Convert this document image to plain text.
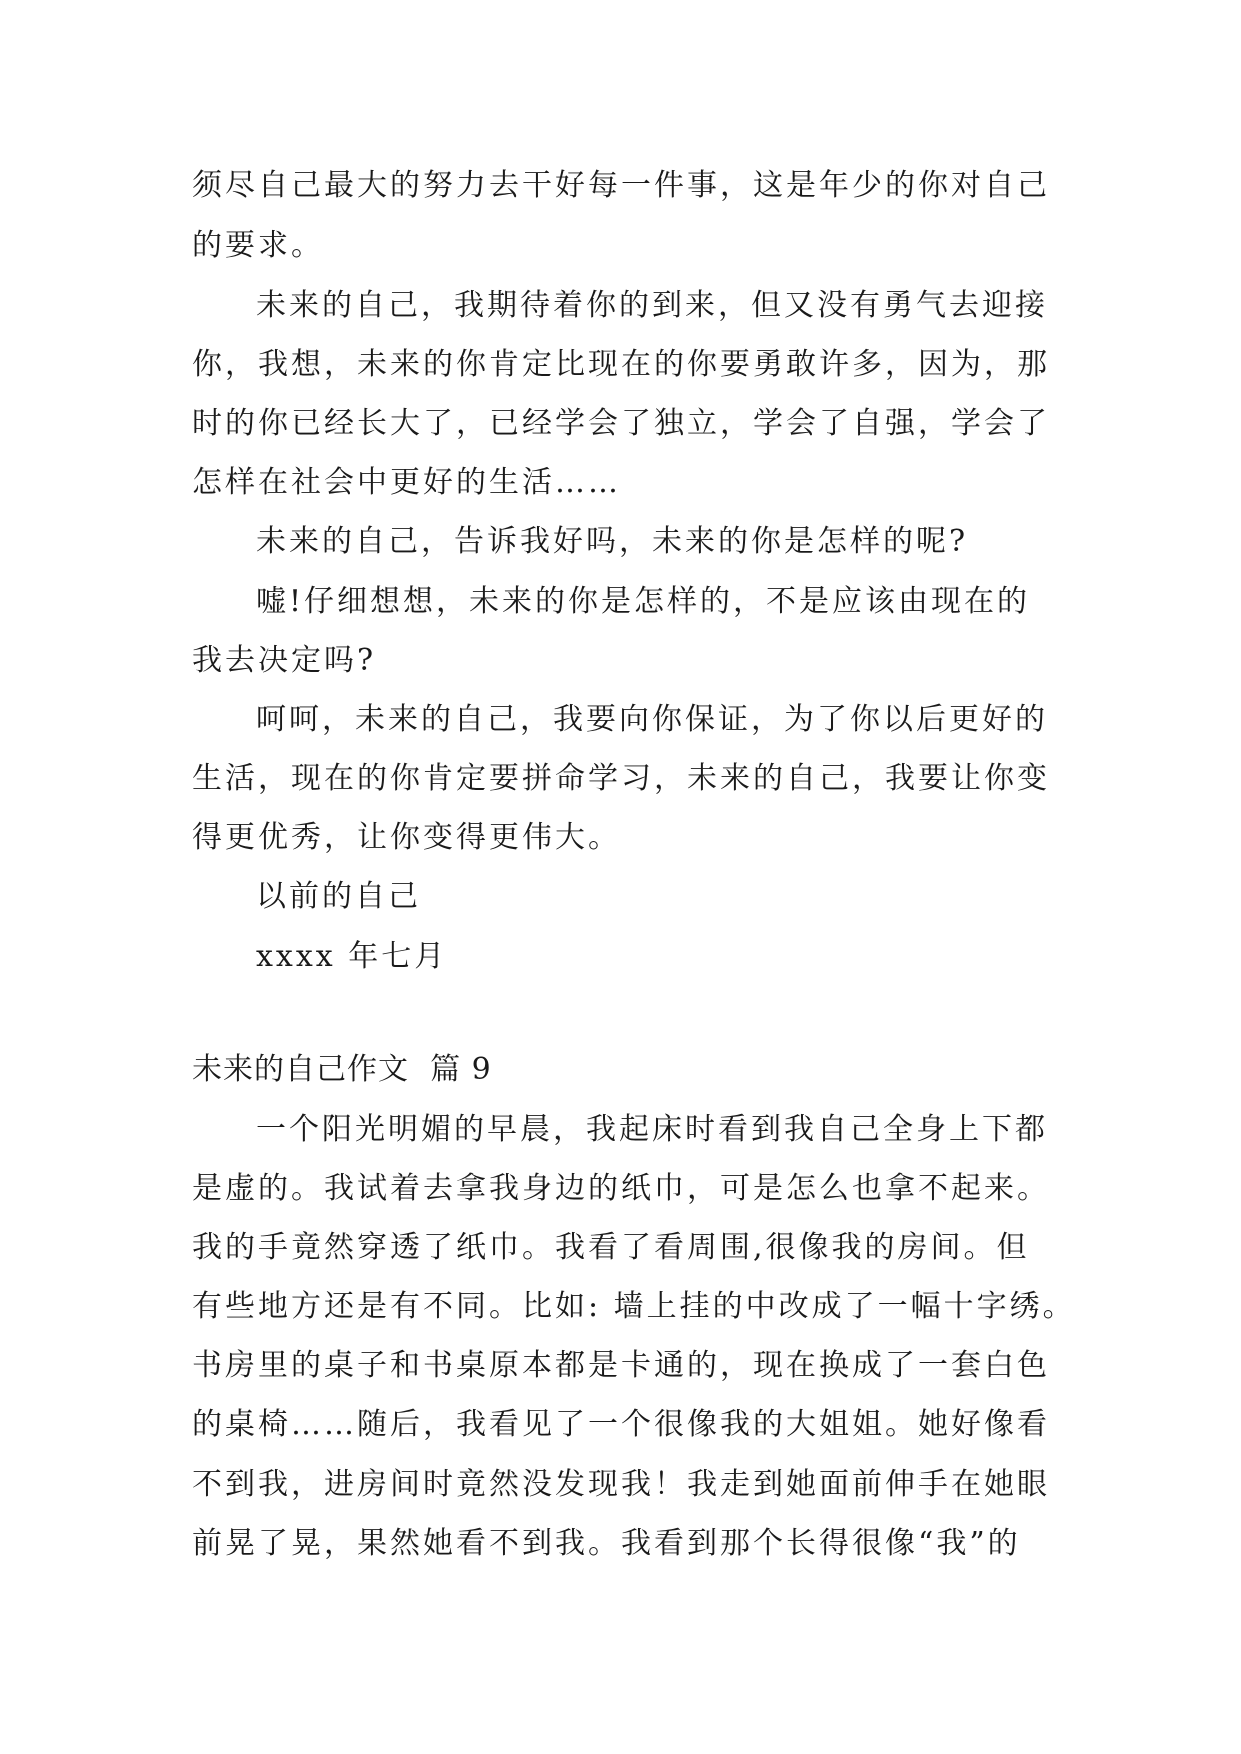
须尽自己最大的努力去干好每一件事，这是年少的你对自己

的要求。

未来的自己，我期待着你的到来，但又没有勇气去迎接

你，我想，未来的你肯定比现在的你要勇敢许多，因为，那

时的你已经长大了，已经学会了独立，学会了自强，学会了

怎样在社会中更好的生活……

未来的自己，告诉我好吗，未来的你是怎样的呢?

嘘!仔细想想，未来的你是怎样的，不是应该由现在的

我去决定吗?

呵呵，未来的自己，我要向你保证，为了你以后更好的

生活，现在的你肯定要拼命学习，未来的自己，我要让你变

得更优秀，让你变得更伟大。

以前的自己

xxxx 年七月

未来的自己作文  篇 9

一个阳光明媚的早晨，我起床时看到我自己全身上下都

是虚的。我试着去拿我身边的纸巾，可是怎么也拿不起来。

我的手竟然穿透了纸巾。我看了看周围,很像我的房间。但

有些地方还是有不同。比如: 墙上挂的中改成了一幅十字绣。

书房里的桌子和书桌原本都是卡通的，现在换成了一套白色

的桌椅……随后，我看见了一个很像我的大姐姐。她好像看

不到我，进房间时竟然没发现我！我走到她面前伸手在她眼

前晃了晃，果然她看不到我。我看到那个长得很像“我”的
